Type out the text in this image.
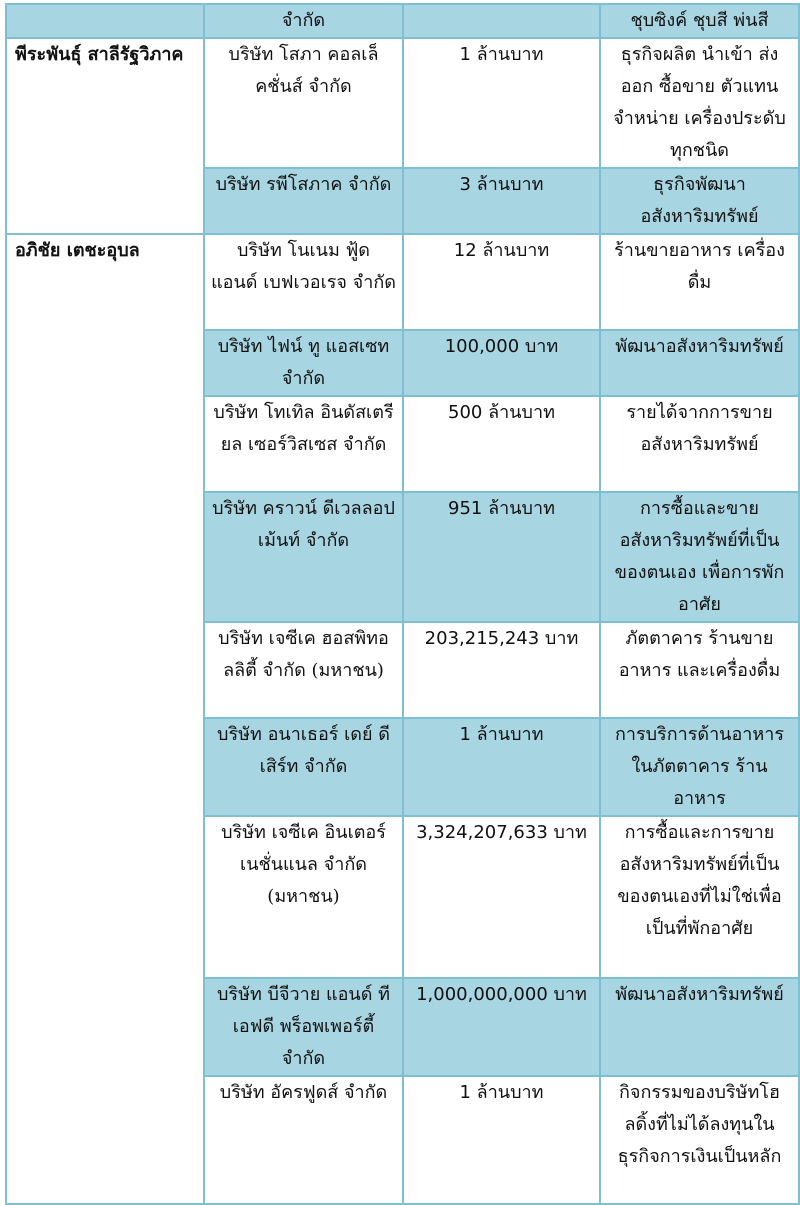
	จำกัด		ชุบซิงค์ ชุบสี พ่นสี
พีระพันธุ์ สาลีรัฐวิภาค	บริษัท โสภา คอลเล็คชั่นส์ จำกัด	1 ล้านบาท	ธุรกิจผลิต นำเข้า ส่งออก ซื้อขาย ตัวแทนจำหน่าย เครื่องประดับทุกชนิด
	บริษัท รพีโสภาค จำกัด	3 ล้านบาท	ธุรกิจพัฒนาอสังหาริมทรัพย์
อภิชัย เตชะอุบล	บริษัท โนเนม ฟู้ด แอนด์ เบฟเวอเรจ จำกัด	12 ล้านบาท	ร้านขายอาหาร เครื่องดื่ม
	บริษัท ไฟน์ ทู แอสเซท จำกัด	100,000 บาท	พัฒนาอสังหาริมทรัพย์
	บริษัท โทเทิล อินดัสเตรียล เซอร์วิสเซส จำกัด	500 ล้านบาท	รายได้จากการขายอสังหาริมทรัพย์
	บริษัท คราวน์ ดีเวลลอปเม้นท์ จำกัด	951 ล้านบาท	การซื้อและขายอสังหาริมทรัพย์ที่เป็นของตนเอง เพื่อการพักอาศัย
	บริษัท เจซีเค ฮอสพิทอลลิตี้ จำกัด (มหาชน)	203,215,243 บาท	ภัตตาคาร ร้านขายอาหาร และเครื่องดื่ม
	บริษัท อนาเธอร์ เดย์ ดีเสิร์ท จำกัด	1 ล้านบาท	การบริการด้านอาหารในภัตตาคาร ร้านอาหาร
	บริษัท เจซีเค อินเตอร์เนชั่นแนล จำกัด (มหาชน)	3,324,207,633 บาท	การซื้อและการขายอสังหาริมทรัพย์ที่เป็นของตนเองที่ไม่ใช่เพื่อเป็นที่พักอาศัย
	บริษัท บีจีวาย แอนด์ ทีเอฟดี พร็อพเพอร์ตี้ จำกัด	1,000,000,000 บาท	พัฒนาอสังหาริมทรัพย์
	บริษัท อัครฟูดส์ จำกัด	1 ล้านบาท	กิจกรรมของบริษัทโฮลดิ้งที่ไม่ได้ลงทุนในธุรกิจการเงินเป็นหลัก
